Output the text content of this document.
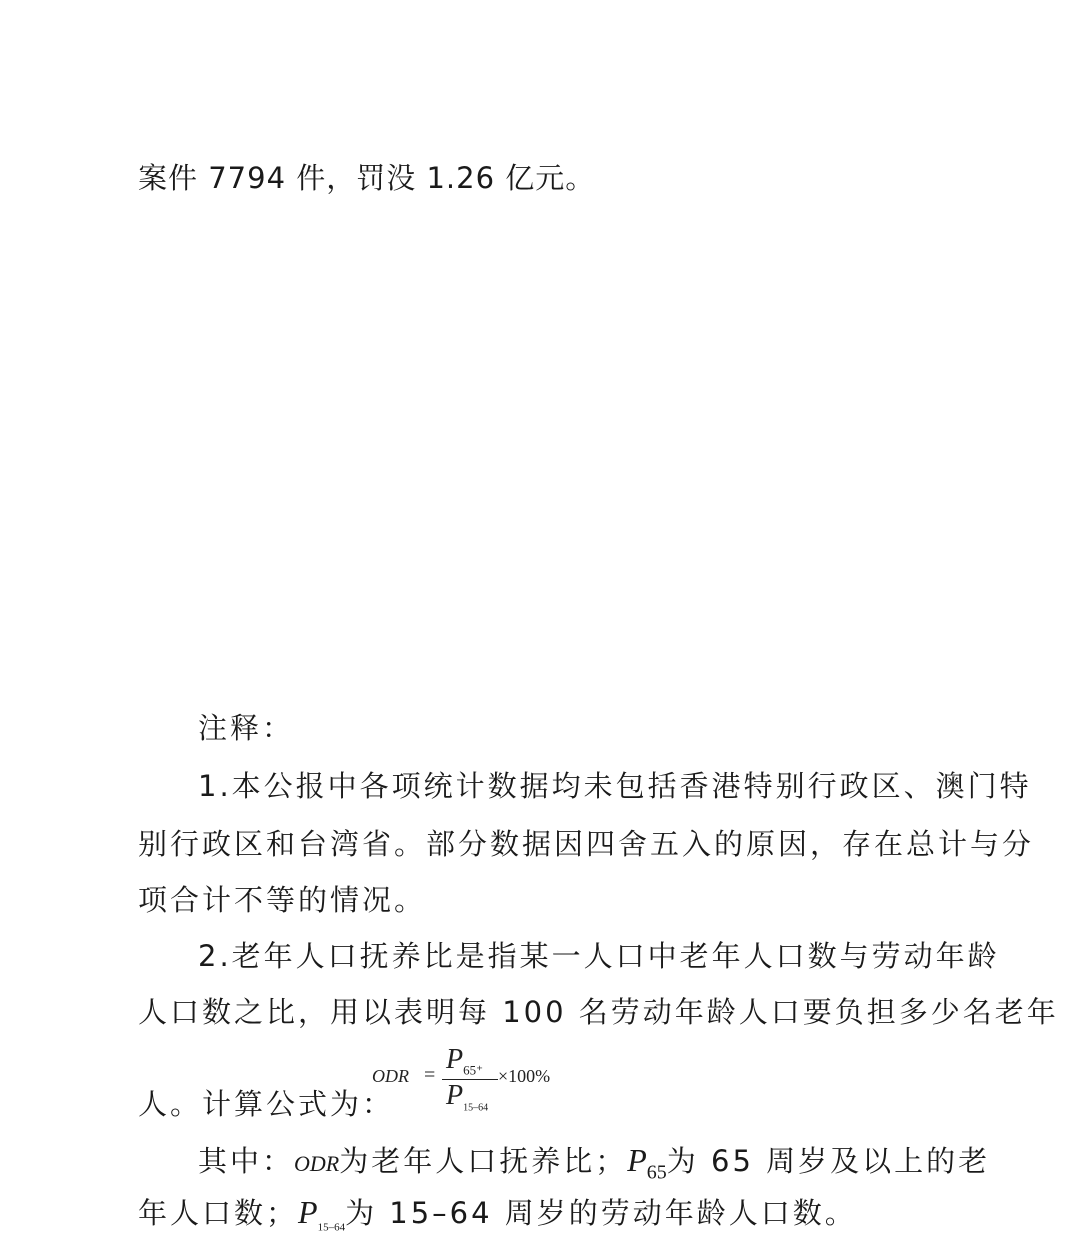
案件 7794 件，罚没 1.26 亿元。
注释：
1.本公报中各项统计数据均未包括香港特别行政区、澳门特
别行政区和台湾省。部分数据因四舍五入的原因，存在总计与分
项合计不等的情况。
2.老年人口抚养比是指某一人口中老年人口数与劳动年龄
人口数之比，用以表明每 100 名劳动年龄人口要负担多少名老年
人。计算公式为：
ODR = $P_{65^+}$
$P_{15-64}$
×100%
其中：ODR为老年人口抚养比；$P_{65}$为 65 周岁及以上的老
年人口数；$P_{15-64}$为 15–64 周岁的劳动年龄人口数。
